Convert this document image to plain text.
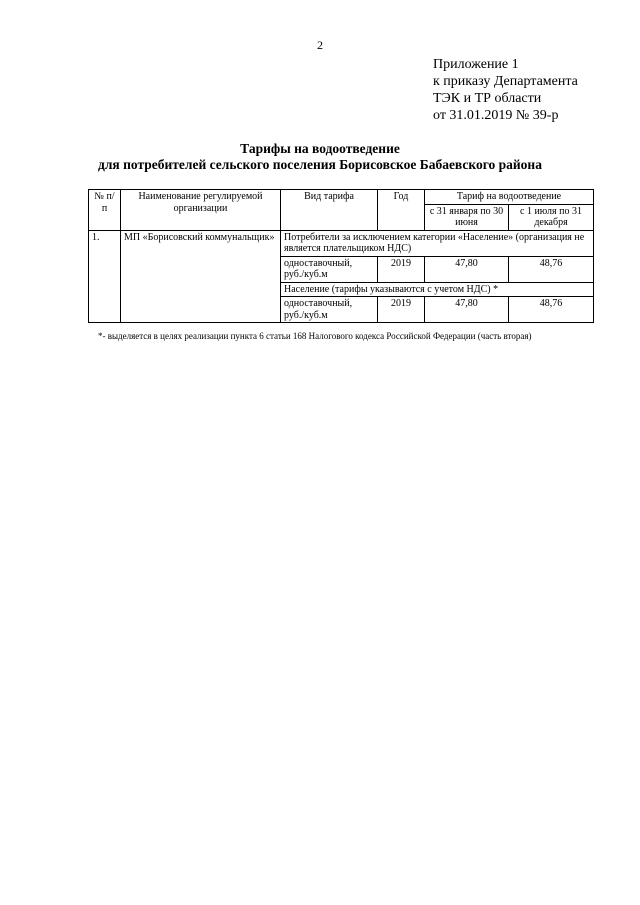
2
Приложение 1
к приказу Департамента
ТЭК и ТР области
от 31.01.2019 № 39-р
Тарифы на водоотведение
для потребителей сельского поселения Борисовское Бабаевского района
№ п/п	Наименование регулируемой организации	Вид тарифа	Год	Тариф на водоотведение	
				с 31 января по 30 июня	с 1 июля по 31 декабря
1.	МП «Борисовский коммунальщик»	Потребители за исключением категории «Население» (организация не является плательщиком НДС)			
		одноставочный, руб./куб.м	2019	47,80	48,76
		Население (тарифы указываются с учетом НДС) *			
		одноставочный, руб./куб.м	2019	47,80	48,76
*- выделяется в целях реализации пункта 6 статьи 168 Налогового кодекса Российской Федерации (часть вторая)
